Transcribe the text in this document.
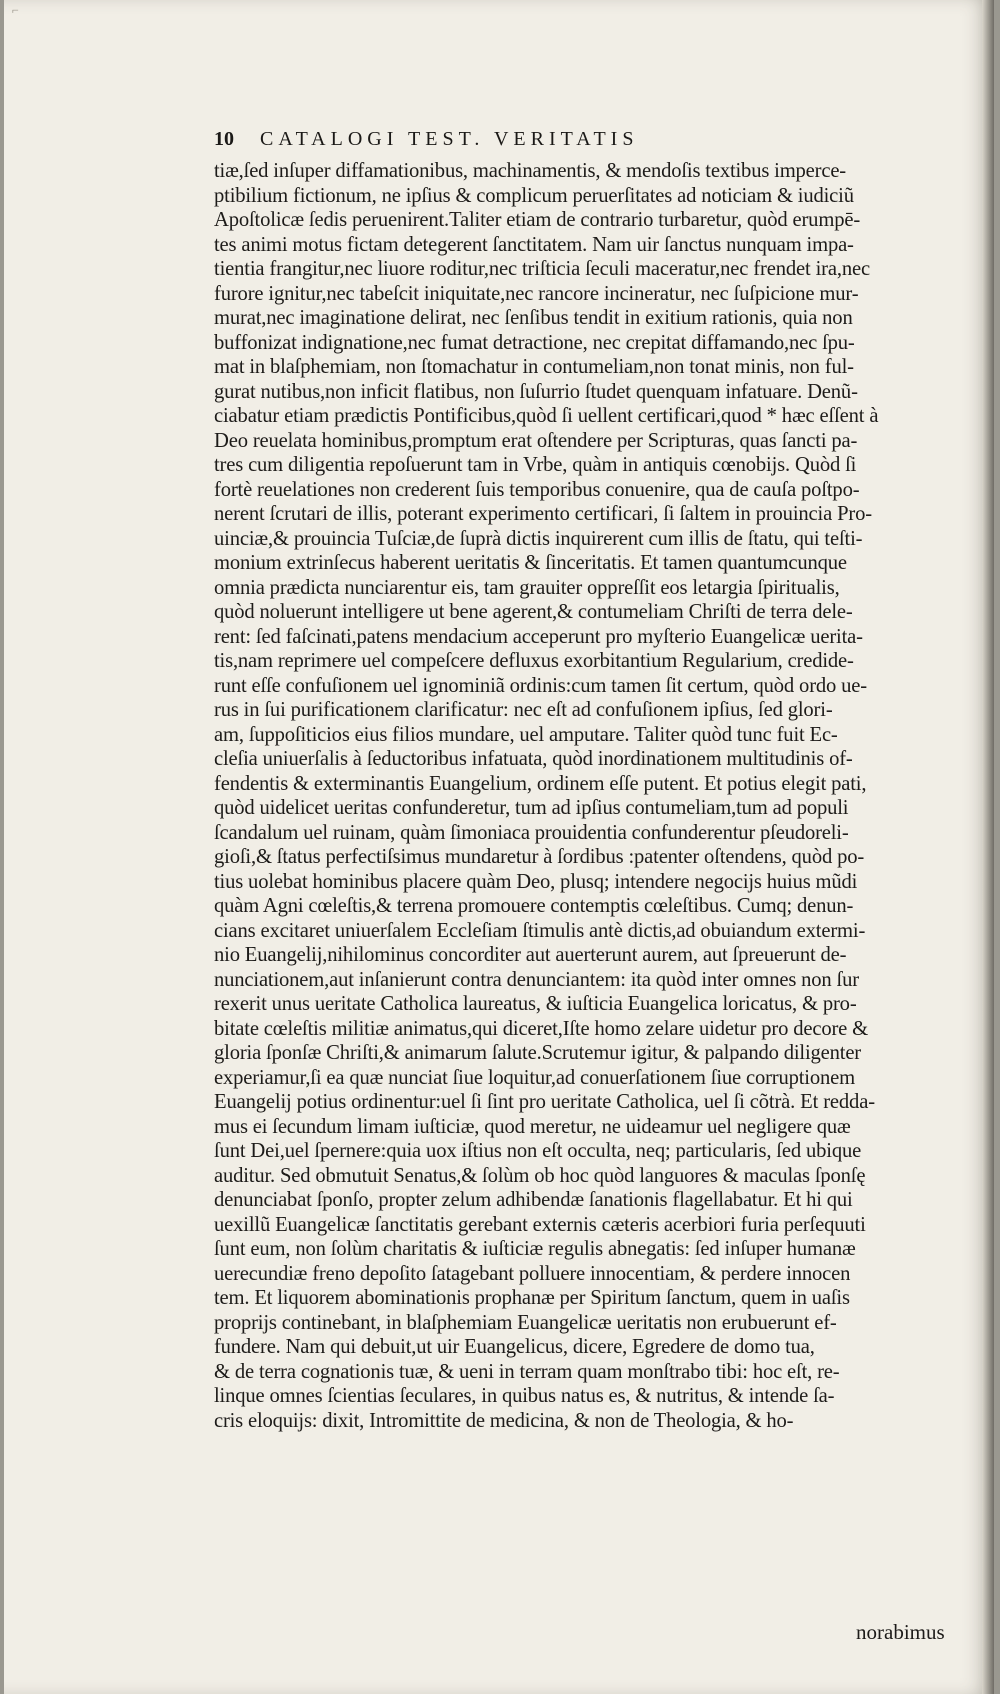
⌐
10 CATALOGI TEST. VERITATIS
tiæ,ſed inſuper diffamationibus, machinamentis, & mendoſis textibus imperce-
ptibilium fictionum, ne ipſius & complicum peruerſitates ad noticiam & iudiciũ
Apoſtolicæ ſedis peruenirent.Taliter etiam de contrario turbaretur, quòd erumpē-
tes animi motus fictam detegerent ſanctitatem. Nam uir ſanctus nunquam impa-
tientia frangitur,nec liuore roditur,nec triſticia ſeculi maceratur,nec frendet ira,nec
furore ignitur,nec tabeſcit iniquitate,nec rancore incineratur, nec ſuſpicione mur-
murat,nec imaginatione delirat, nec ſenſibus tendit in exitium rationis, quia non
buffonizat indignatione,nec fumat detractione, nec crepitat diffamando,nec ſpu-
mat in blaſphemiam, non ſtomachatur in contumeliam,non tonat minis, non ful-
gurat nutibus,non inficit flatibus, non ſuſurrio ſtudet quenquam infatuare. Denũ-
ciabatur etiam prædictis Pontificibus,quòd ſi uellent certificari,quod * hæc eſſent à
Deo reuelata hominibus,promptum erat oſtendere per Scripturas, quas ſancti pa-
tres cum diligentia repoſuerunt tam in Vrbe, quàm in antiquis cœnobijs. Quòd ſi
fortè reuelationes non crederent ſuis temporibus conuenire, qua de cauſa poſtpo-
nerent ſcrutari de illis, poterant experimento certificari, ſi ſaltem in prouincia Pro-
uinciæ,& prouincia Tuſciæ,de ſuprà dictis inquirerent cum illis de ſtatu, qui teſti-
monium extrinſecus haberent ueritatis & ſinceritatis. Et tamen quantumcunque
omnia prædicta nunciarentur eis, tam grauiter oppreſſit eos letargia ſpiritualis,
quòd noluerunt intelligere ut bene agerent,& contumeliam Chriſti de terra dele-
rent: ſed faſcinati,patens mendacium acceperunt pro myſterio Euangelicæ uerita-
tis,nam reprimere uel compeſcere defluxus exorbitantium Regularium, credide-
runt eſſe confuſionem uel ignominiã ordinis:cum tamen ſit certum, quòd ordo ue-
rus in ſui purificationem clarificatur: nec eſt ad confuſionem ipſius, ſed glori-
am, ſuppoſiticios eius filios mundare, uel amputare. Taliter quòd tunc fuit Ec-
cleſia uniuerſalis à ſeductoribus infatuata, quòd inordinationem multitudinis of-
fendentis & exterminantis Euangelium, ordinem eſſe putent. Et potius elegit pati,
quòd uidelicet ueritas confunderetur, tum ad ipſius contumeliam,tum ad populi
ſcandalum uel ruinam, quàm ſimoniaca prouidentia confunderentur pſeudoreli-
gioſi,& ſtatus perfectiſsimus mundaretur à ſordibus :patenter oſtendens, quòd po-
tius uolebat hominibus placere quàm Deo, plusq; intendere negocijs huius mũdi
quàm Agni cœleſtis,& terrena promouere contemptis cœleſtibus. Cumq; denun-
cians excitaret uniuerſalem Eccleſiam ſtimulis antè dictis,ad obuiandum extermi-
nio Euangelij,nihilominus concorditer aut auerterunt aurem, aut ſpreuerunt de-
nunciationem,aut inſanierunt contra denunciantem: ita quòd inter omnes non ſur
rexerit unus ueritate Catholica laureatus, & iuſticia Euangelica loricatus, & pro-
bitate cœleſtis militiæ animatus,qui diceret,Iſte homo zelare uidetur pro decore &
gloria ſponſæ Chriſti,& animarum ſalute.Scrutemur igitur, & palpando diligenter
experiamur,ſi ea quæ nunciat ſiue loquitur,ad conuerſationem ſiue corruptionem
Euangelij potius ordinentur:uel ſi ſint pro ueritate Catholica, uel ſi cõtrà. Et redda-
mus ei ſecundum limam iuſticiæ, quod meretur, ne uideamur uel negligere quæ
ſunt Dei,uel ſpernere:quia uox iſtius non eſt occulta, neq; particularis, ſed ubique
auditur. Sed obmutuit Senatus,& ſolùm ob hoc quòd languores & maculas ſponſę
denunciabat ſponſo, propter zelum adhibendæ ſanationis flagellabatur. Et hi qui
uexillũ Euangelicæ ſanctitatis gerebant externis cæteris acerbiori furia perſequuti
ſunt eum, non ſolùm charitatis & iuſticiæ regulis abnegatis: ſed inſuper humanæ
uerecundiæ freno depoſito ſatagebant polluere innocentiam, & perdere innocen
tem. Et liquorem abominationis prophanæ per Spiritum ſanctum, quem in uaſis
proprijs continebant, in blaſphemiam Euangelicæ ueritatis non erubuerunt ef-
fundere. Nam qui debuit,ut uir Euangelicus, dicere, Egredere de domo tua,
& de terra cognationis tuæ, & ueni in terram quam monſtrabo tibi: hoc eſt, re-
linque omnes ſcientias ſeculares, in quibus natus es, & nutritus, & intende ſa-
cris eloquijs: dixit, Intromittite de medicina, & non de Theologia, & ho-
norabimus
